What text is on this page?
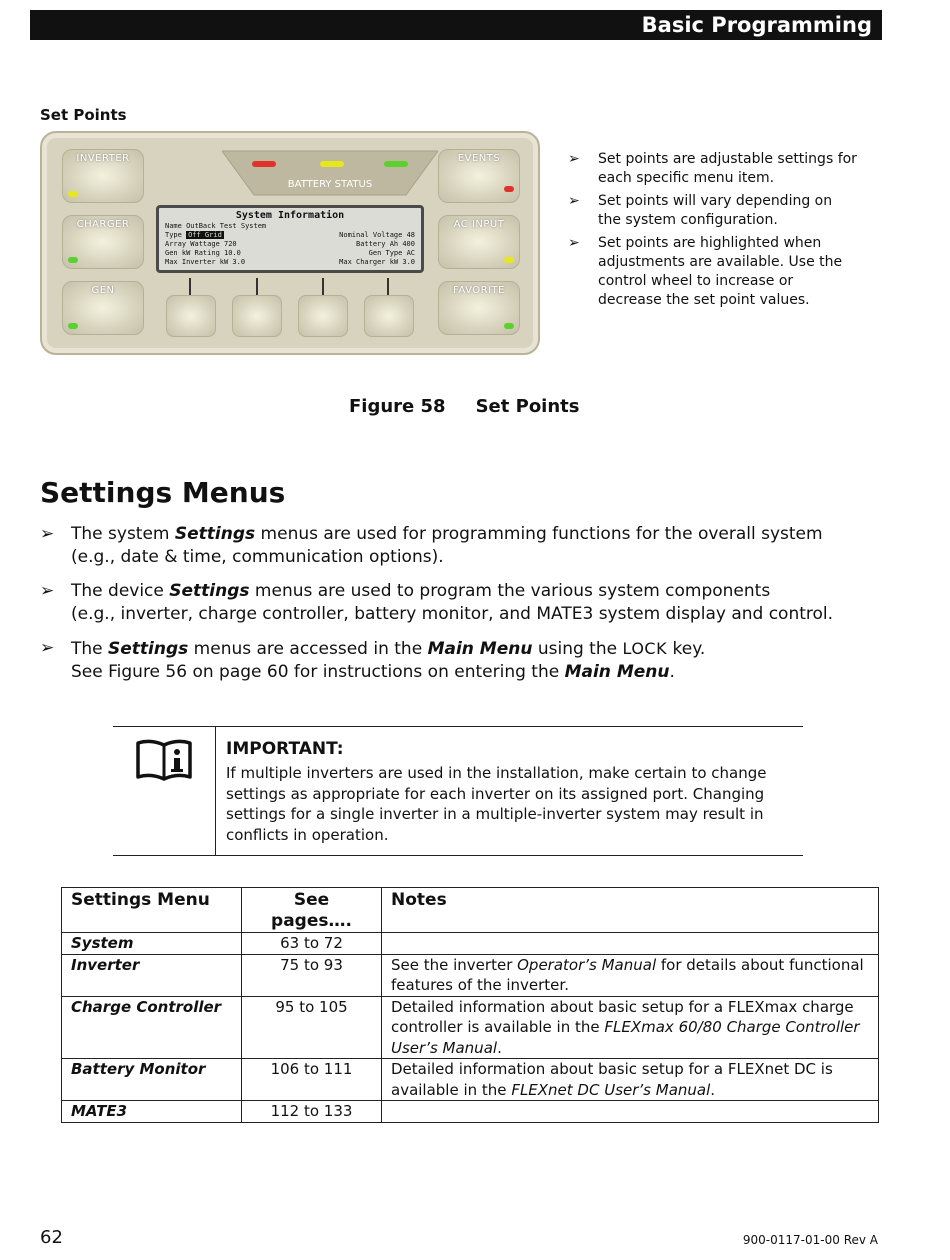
Basic Programming
Set Points
INVERTER
CHARGER
GEN
EVENTS
AC INPUT
FAVORITE
BATTERY STATUS
System Information
Name OutBack Test System
Type Off Grid	Nominal Voltage 48
Array Wattage 720	Battery Ah 400
Gen kW Rating 10.0	Gen Type AC
Max Inverter kW 3.0	Max Charger kW 3.0
➢ Set points are adjustable settings for each specific menu item.
➢ Set points will vary depending on the system configuration.
➢ Set points are highlighted when adjustments are available. Use the control wheel to increase or decrease the set point values.
Figure 58 Set Points
Settings Menus
➢ The system Settings menus are used for programming functions for the overall system
(e.g., date & time, communication options).
➢ The device Settings menus are used to program the various system components
(e.g., inverter, charge controller, battery monitor, and MATE3 system display and control.
➢ The Settings menus are accessed in the Main Menu using the LOCK key.
See Figure 56 on page 60 for instructions on entering the Main Menu.
IMPORTANT:
If multiple inverters are used in the installation, make certain to change settings as appropriate for each inverter on its assigned port. Changing settings for a single inverter in a multiple-inverter system may result in conflicts in operation.
Settings Menu	See pages….	Notes
System	63 to 72	
Inverter	75 to 93	See the inverter Operator’s Manual for details about functional features of the inverter.
Charge Controller	95 to 105	Detailed information about basic setup for a FLEXmax charge controller is available in the FLEXmax 60/80 Charge Controller User’s Manual.
Battery Monitor	106 to 111	Detailed information about basic setup for a FLEXnet DC is available in the FLEXnet DC User’s Manual.
MATE3	112 to 133	
62	900-0117-01-00 Rev A
